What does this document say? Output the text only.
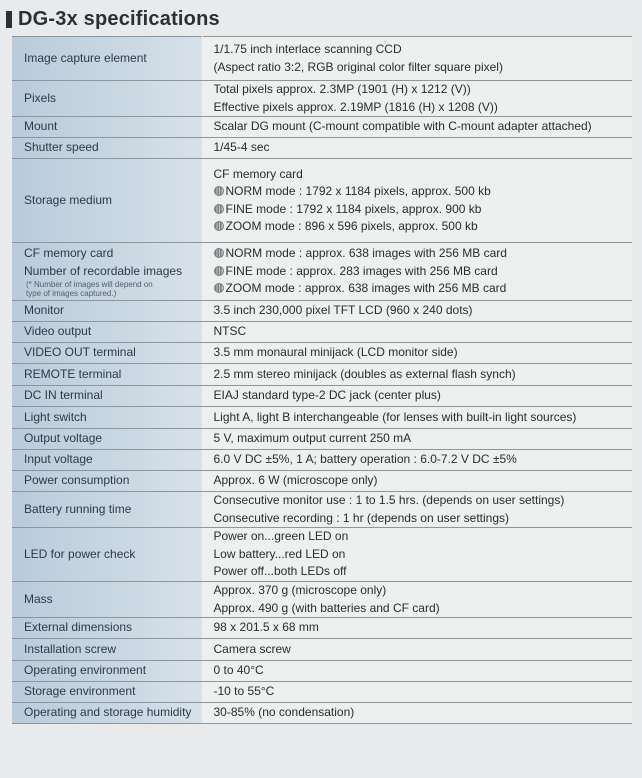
DG-3x specifications
Image capture element	1/1.75 inch interlace scanning CCD
(Aspect ratio 3:2, RGB original color filter square pixel)

Pixels	Total pixels approx. 2.3MP (1901 (H) x 1212 (V))
Effective pixels approx. 2.19MP (1816 (H) x 1208 (V))

Mount	Scalar DG mount (C-mount compatible with C-mount adapter attached)

Shutter speed	1/45-4 sec

Storage medium	CF memory card
NORM mode : 1792 x 1184 pixels, approx. 500 kb
FINE mode : 1792 x 1184 pixels, approx. 900 kb
ZOOM mode : 896 x 596 pixels, approx. 500 kb

CF memory card
Number of recordable images
(* Number of images will depend on
type of images captured.)	NORM mode : approx. 638 images with 256 MB card
FINE mode : approx. 283 images with 256 MB card
ZOOM mode : approx. 638 images with 256 MB card

Monitor	3.5 inch 230,000 pixel TFT LCD (960 x 240 dots)

Video output	NTSC

VIDEO OUT terminal	3.5 mm monaural minijack (LCD monitor side)

REMOTE terminal	2.5 mm stereo minijack (doubles as external flash synch)

DC IN terminal	EIAJ standard type-2 DC jack (center plus)

Light switch	Light A, light B interchangeable (for lenses with built-in light sources)

Output voltage	5 V, maximum output current 250 mA

Input voltage	6.0 V DC ±5%, 1 A; battery operation : 6.0-7.2 V DC ±5%

Power consumption	Approx. 6 W (microscope only)

Battery running time	Consecutive monitor use : 1 to 1.5 hrs. (depends on user settings)
Consecutive recording : 1 hr (depends on user settings)

LED for power check	Power on...green LED on
Low battery...red LED on
Power off...both LEDs off

Mass	Approx. 370 g (microscope only)
Approx. 490 g (with batteries and CF card)

External dimensions	98 x 201.5 x 68 mm

Installation screw	Camera screw

Operating environment	0 to 40°C

Storage environment	-10 to 55°C

Operating and storage humidity	30-85% (no condensation)
